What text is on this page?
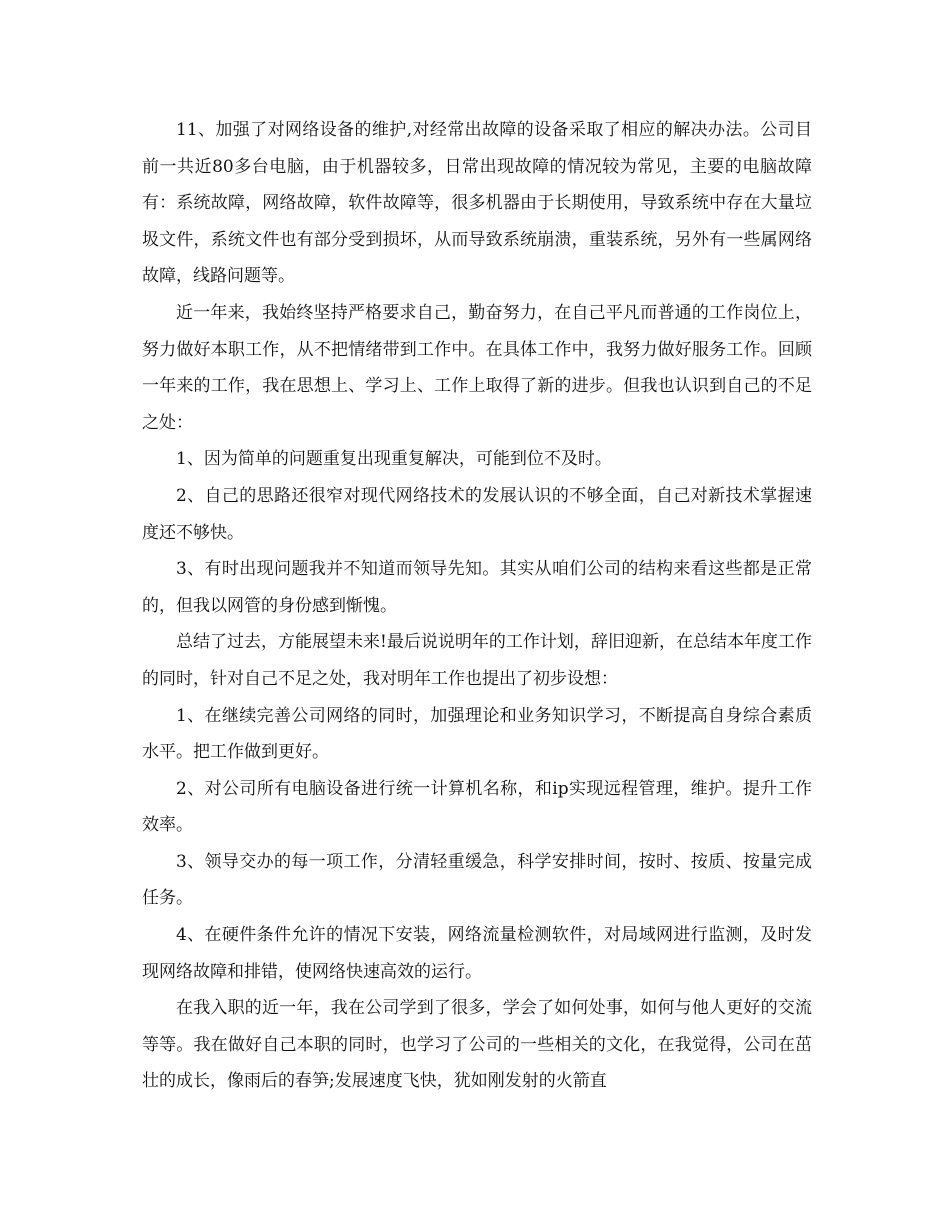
11、加强了对网络设备的维护,对经常出故障的设备采取了相应的解决办法。公司目前一共近80多台电脑，由于机器较多，日常出现故障的情况较为常见，主要的电脑故障有：系统故障，网络故障，软件故障等，很多机器由于长期使用，导致系统中存在大量垃圾文件，系统文件也有部分受到损坏，从而导致系统崩溃，重装系统，另外有一些属网络故障，线路问题等。

近一年来，我始终坚持严格要求自己，勤奋努力，在自己平凡而普通的工作岗位上，努力做好本职工作，从不把情绪带到工作中。在具体工作中，我努力做好服务工作。回顾一年来的工作，我在思想上、学习上、工作上取得了新的进步。但我也认识到自己的不足之处：

1、因为简单的问题重复出现重复解决，可能到位不及时。

2、自己的思路还很窄对现代网络技术的发展认识的不够全面，自己对新技术掌握速度还不够快。

3、有时出现问题我并不知道而领导先知。其实从咱们公司的结构来看这些都是正常的，但我以网管的身份感到惭愧。

总结了过去，方能展望未来!最后说说明年的工作计划，辞旧迎新，在总结本年度工作的同时，针对自己不足之处，我对明年工作也提出了初步设想：

1、在继续完善公司网络的同时，加强理论和业务知识学习，不断提高自身综合素质水平。把工作做到更好。

2、对公司所有电脑设备进行统一计算机名称，和ip实现远程管理，维护。提升工作效率。

3、领导交办的每一项工作，分清轻重缓急，科学安排时间，按时、按质、按量完成任务。

4、在硬件条件允许的情况下安装，网络流量检测软件，对局域网进行监测，及时发现网络故障和排错，使网络快速高效的运行。

在我入职的近一年，我在公司学到了很多，学会了如何处事，如何与他人更好的交流等等。我在做好自己本职的同时，也学习了公司的一些相关的文化，在我觉得，公司在茁壮的成长，像雨后的春笋;发展速度飞快，犹如刚发射的火箭直
